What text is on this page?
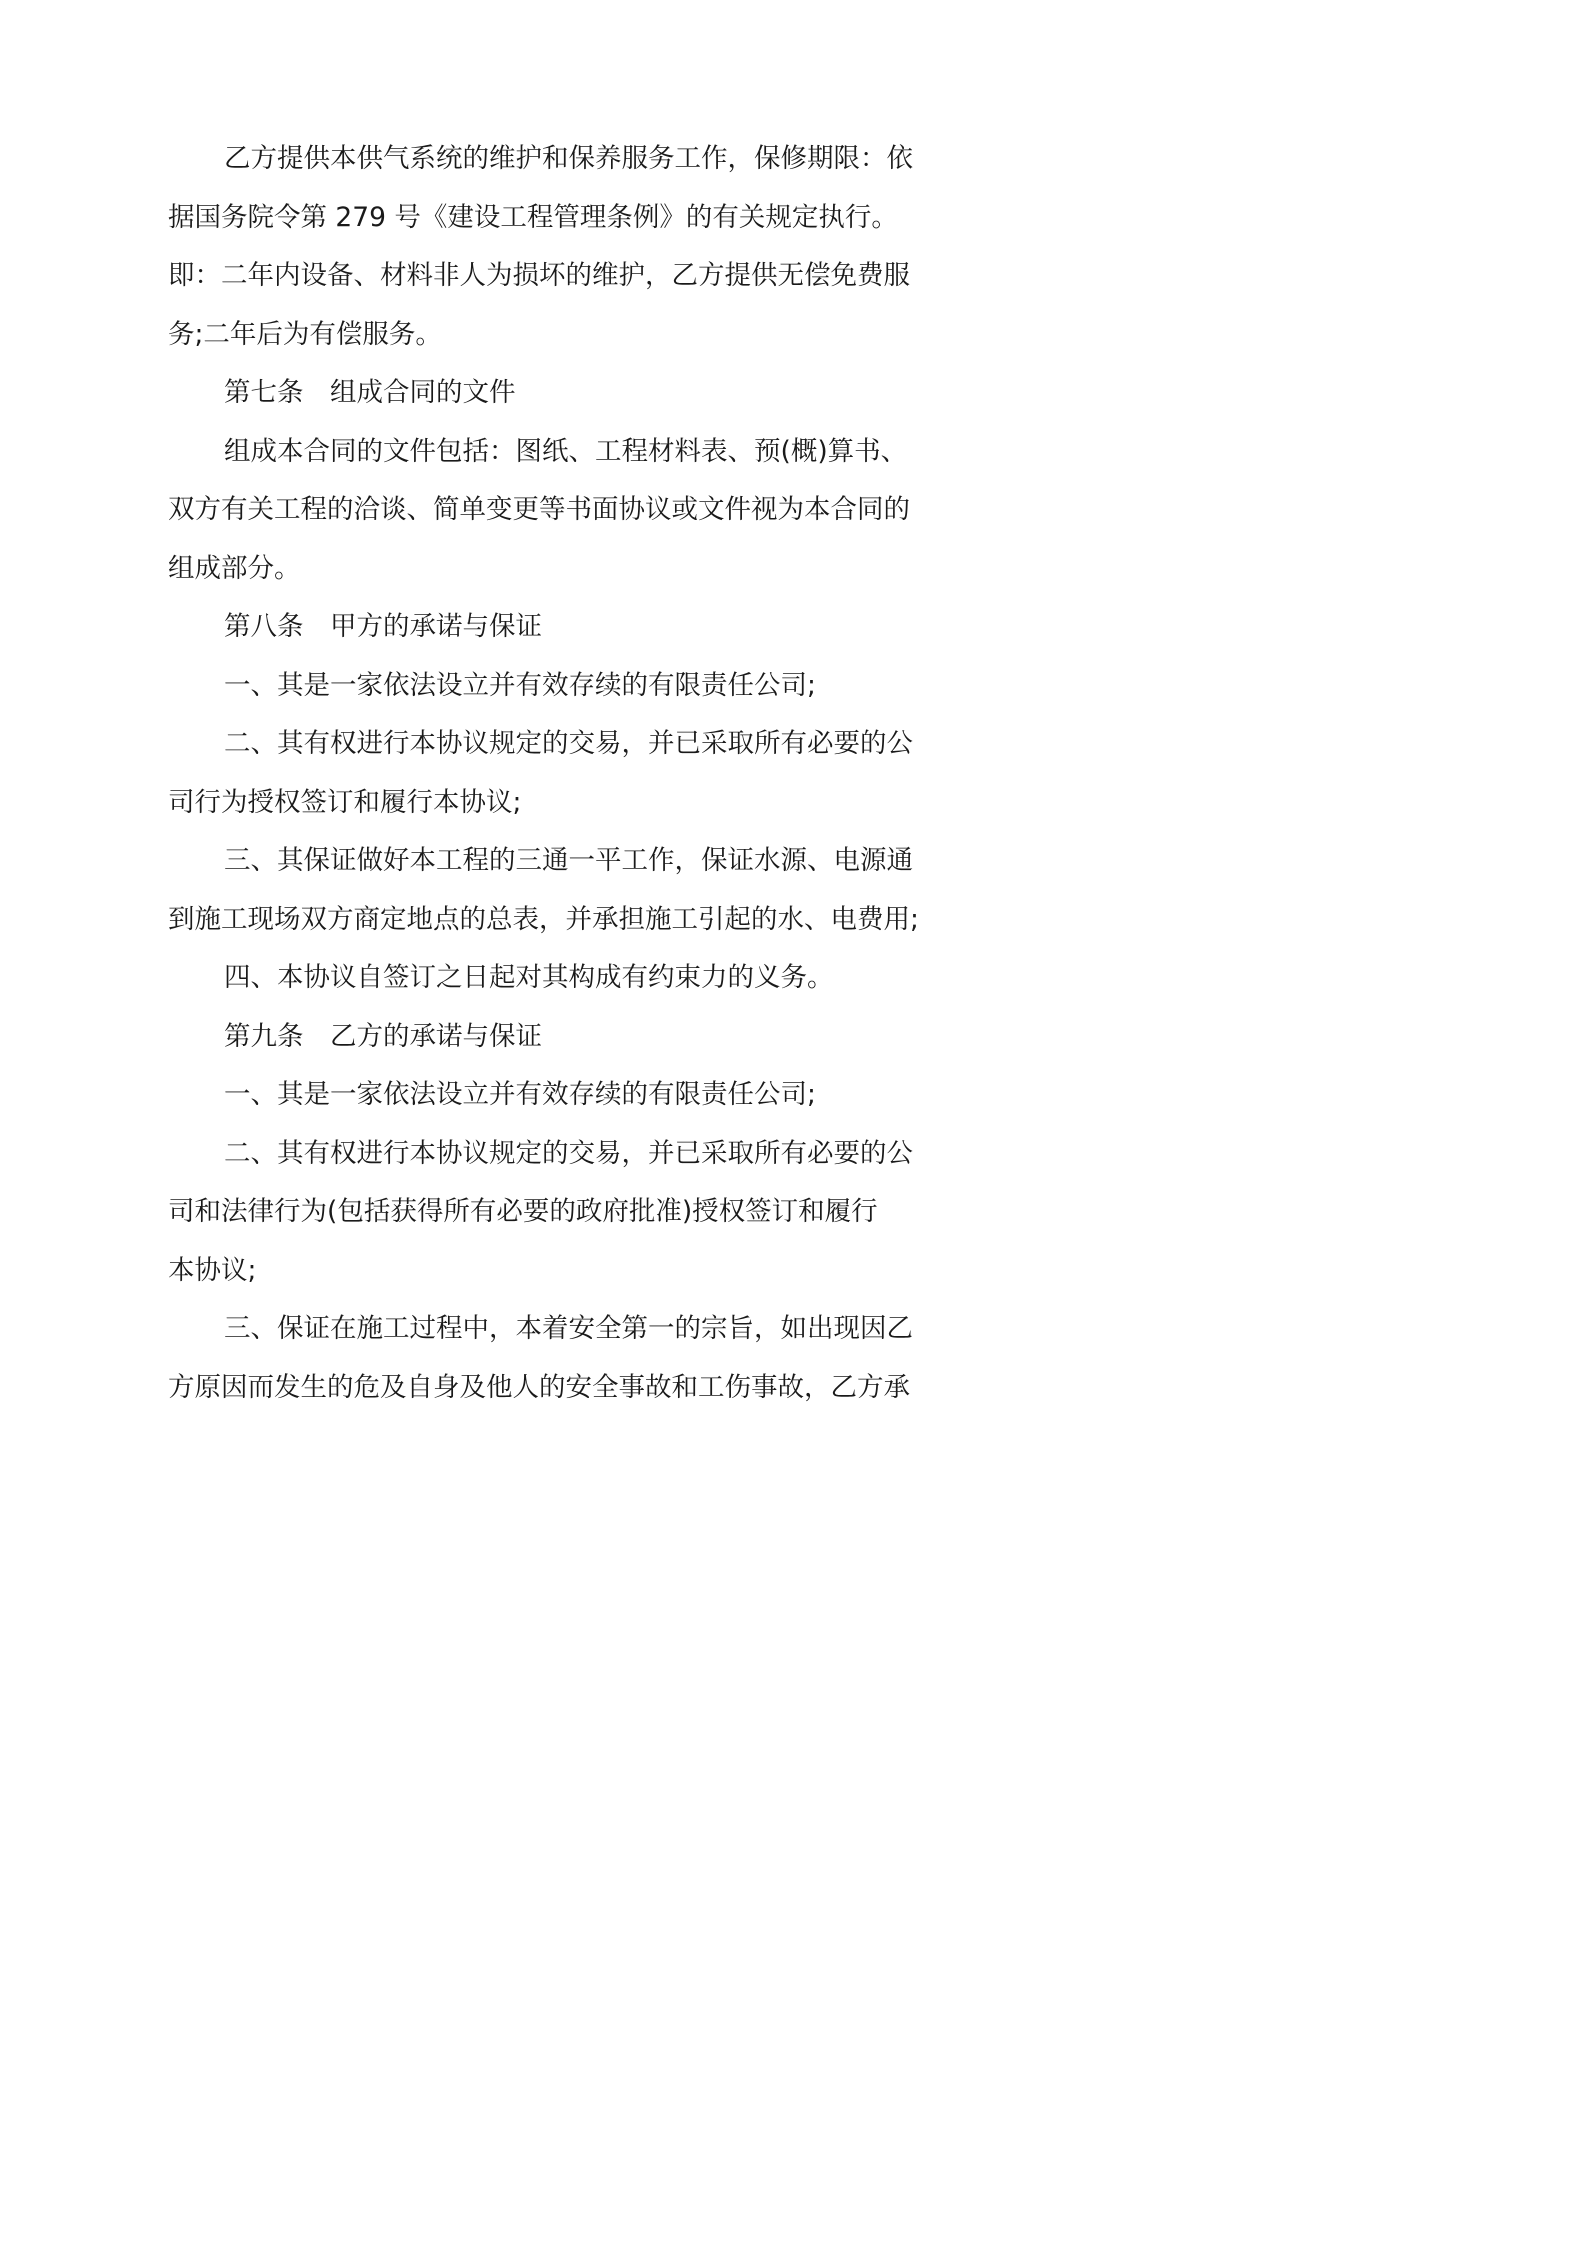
乙方提供本供气系统的维护和保养服务工作，保修期限：依
据国务院令第 279 号《建设工程管理条例》的有关规定执行。
即：二年内设备、材料非人为损坏的维护，乙方提供无偿免费服
务;二年后为有偿服务。
第七条　组成合同的文件
组成本合同的文件包括：图纸、工程材料表、预(概)算书、
双方有关工程的洽谈、简单变更等书面协议或文件视为本合同的
组成部分。
第八条　甲方的承诺与保证
一、其是一家依法设立并有效存续的有限责任公司;
二、其有权进行本协议规定的交易，并已采取所有必要的公
司行为授权签订和履行本协议;
三、其保证做好本工程的三通一平工作，保证水源、电源通
到施工现场双方商定地点的总表，并承担施工引起的水、电费用;
四、本协议自签订之日起对其构成有约束力的义务。
第九条　乙方的承诺与保证
一、其是一家依法设立并有效存续的有限责任公司;
二、其有权进行本协议规定的交易，并已采取所有必要的公
司和法律行为(包括获得所有必要的政府批准)授权签订和履行
本协议;
三、保证在施工过程中，本着安全第一的宗旨，如出现因乙
方原因而发生的危及自身及他人的安全事故和工伤事故，乙方承
